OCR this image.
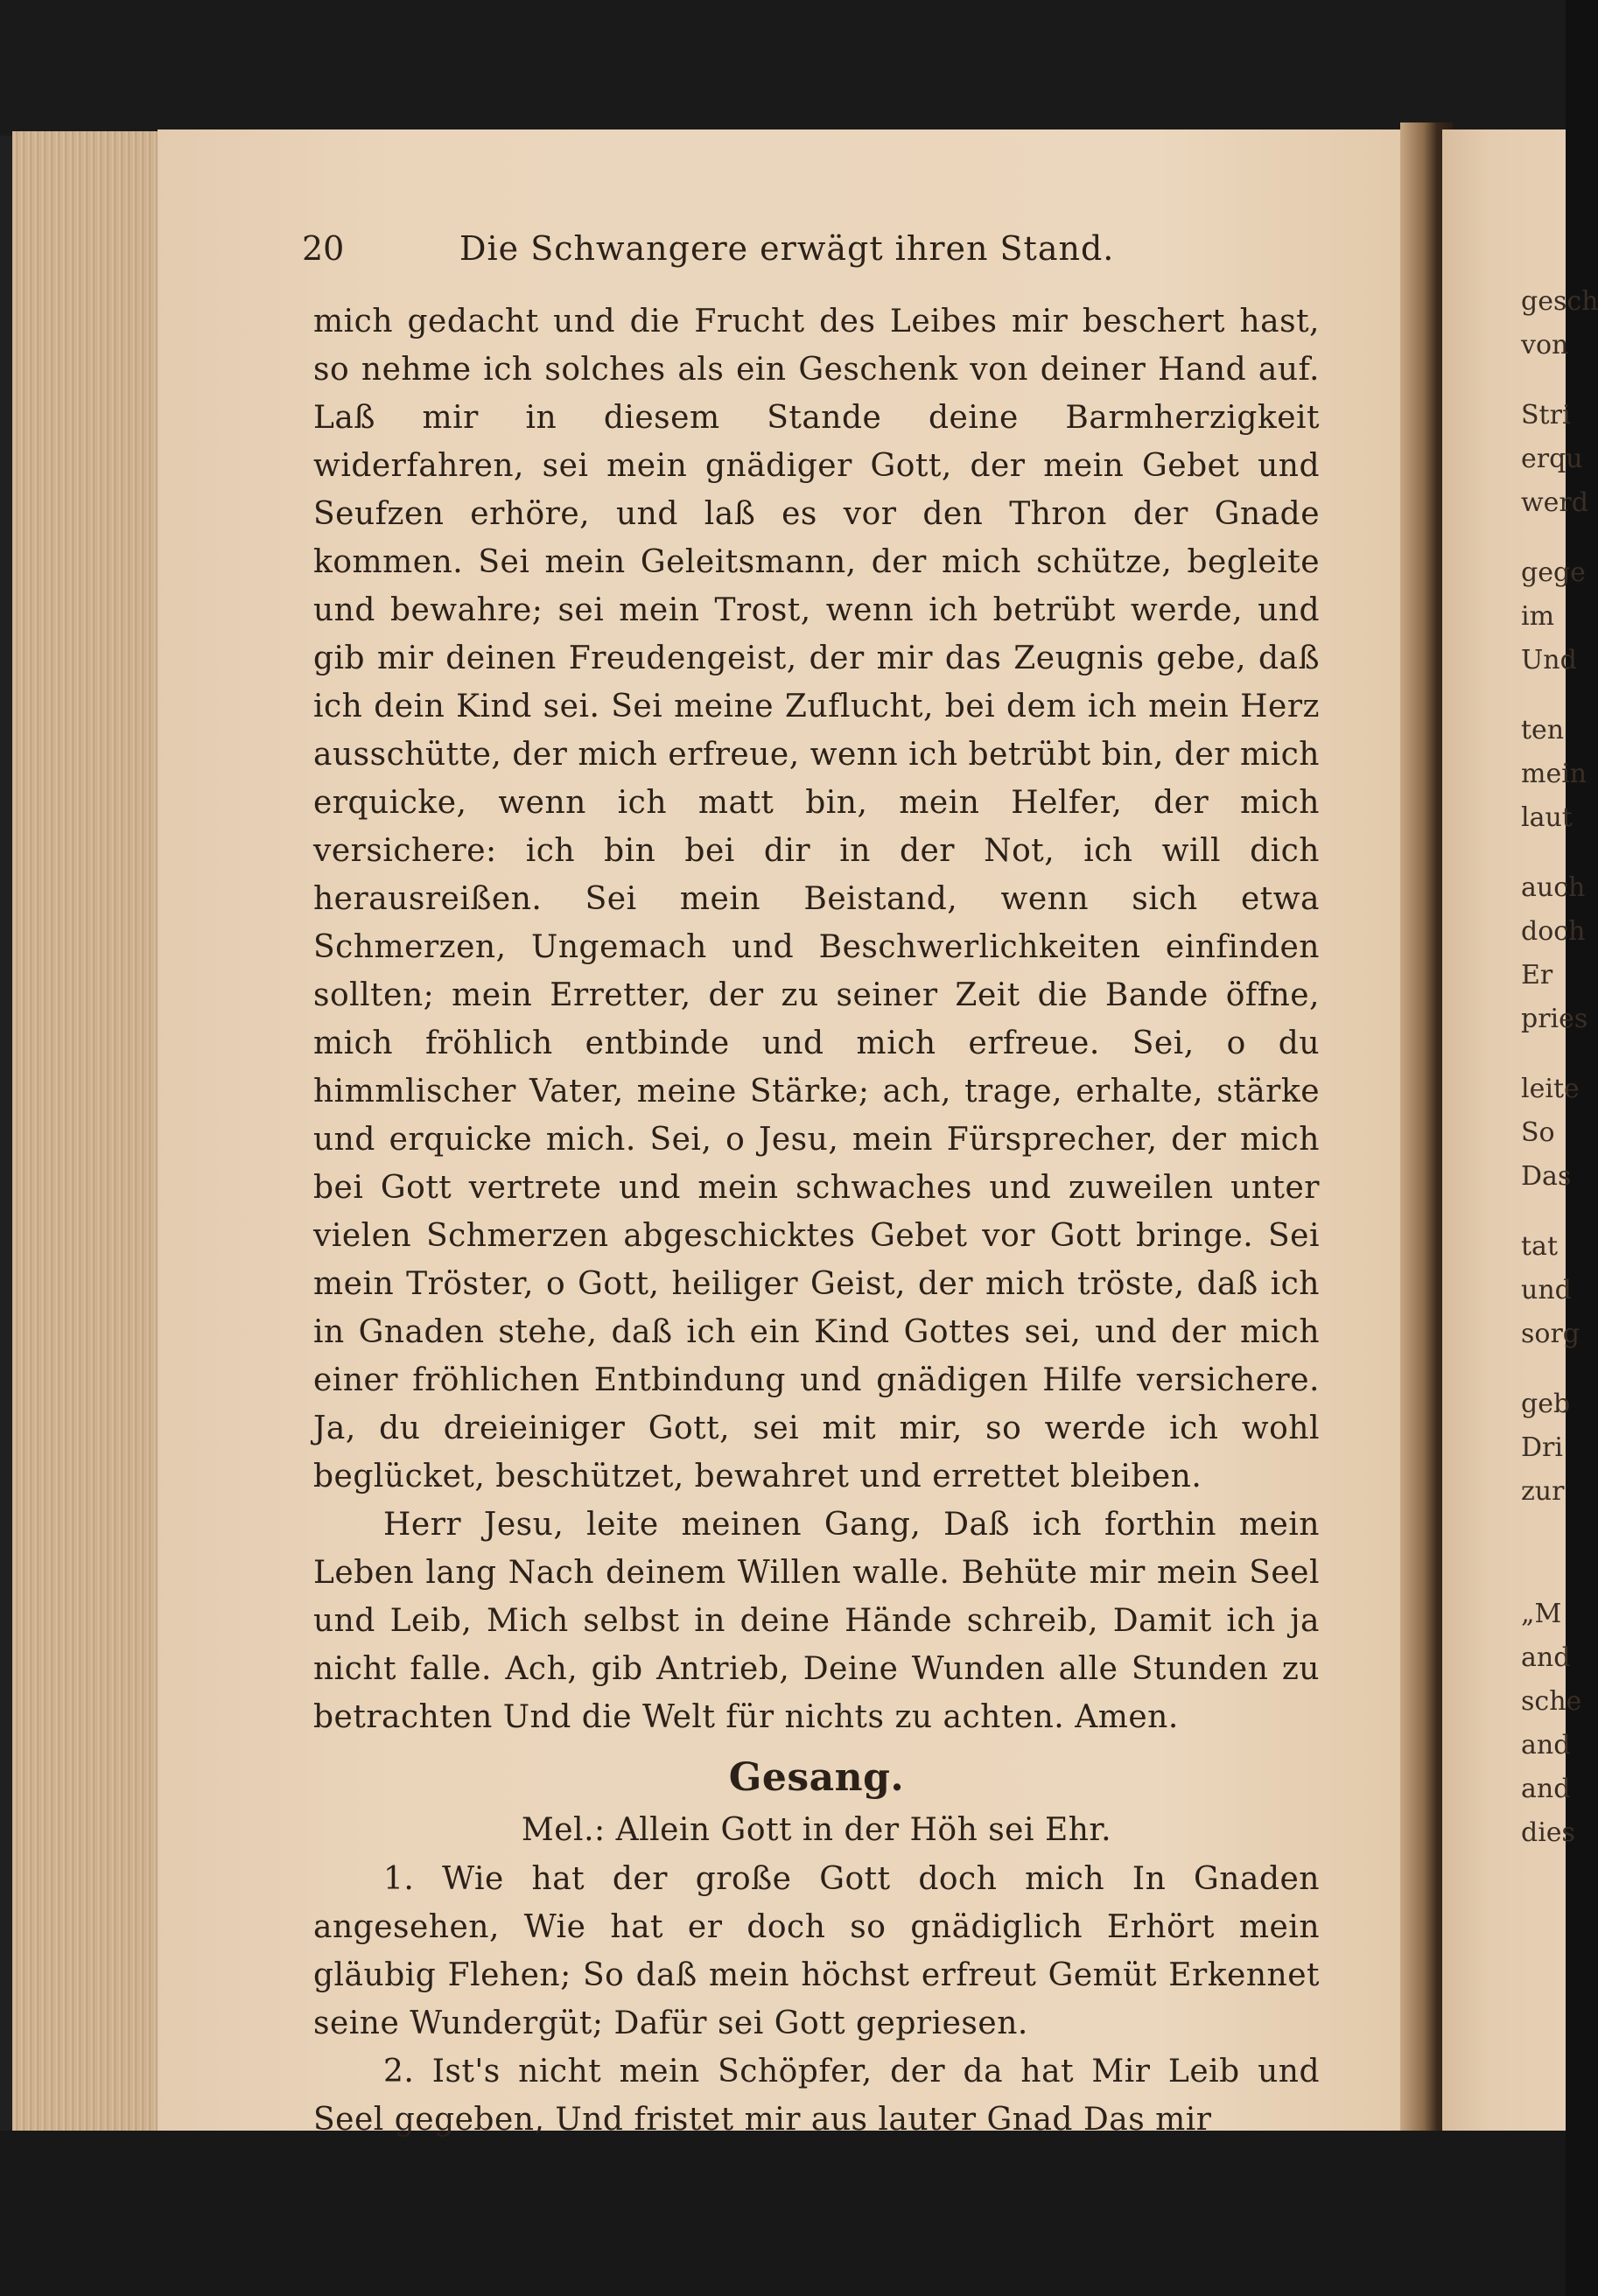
20	Die Schwangere erwägt ihren Stand.

mich gedacht und die Frucht des Leibes mir beschert hast, so nehme ich solches als ein Geschenk von deiner Hand auf. Laß mir in diesem Stande deine Barmherzigkeit widerfahren, sei mein gnädiger Gott, der mein Gebet und Seufzen erhöre, und laß es vor den Thron der Gnade kommen. Sei mein Geleitsmann, der mich schütze, begleite und bewahre; sei mein Trost, wenn ich betrübt werde, und gib mir deinen Freudengeist, der mir das Zeugnis gebe, daß ich dein Kind sei. Sei meine Zuflucht, bei dem ich mein Herz ausschütte, der mich erfreue, wenn ich betrübt bin, der mich erquicke, wenn ich matt bin, mein Helfer, der mich versichere: ich bin bei dir in der Not, ich will dich herausreißen. Sei mein Beistand, wenn sich etwa Schmerzen, Ungemach und Beschwerlichkeiten einfinden sollten; mein Erretter, der zu seiner Zeit die Bande öffne, mich fröhlich entbinde und mich erfreue. Sei, o du himmlischer Vater, meine Stärke; ach, trage, erhalte, stärke und erquicke mich. Sei, o Jesu, mein Fürsprecher, der mich bei Gott vertrete und mein schwaches und zuweilen unter vielen Schmerzen abgeschicktes Gebet vor Gott bringe. Sei mein Tröster, o Gott, heiliger Geist, der mich tröste, daß ich in Gnaden stehe, daß ich ein Kind Gottes sei, und der mich einer fröhlichen Entbindung und gnädigen Hilfe versichere. Ja, du dreieiniger Gott, sei mit mir, so werde ich wohl beglücket, beschützet, bewahret und errettet bleiben.

Herr Jesu, leite meinen Gang, Daß ich forthin mein Leben lang Nach deinem Willen walle. Behüte mir mein Seel und Leib, Mich selbst in deine Hände schreib, Damit ich ja nicht falle. Ach, gib Antrieb, Deine Wunden alle Stunden zu betrachten Und die Welt für nichts zu achten. Amen.

Gesang.

Mel.: Allein Gott in der Höh sei Ehr.

1. Wie hat der große Gott doch mich In Gnaden angesehen, Wie hat er doch so gnädiglich Erhört mein gläubig Flehen; So daß mein höchst erfreut Gemüt Erkennet seine Wundergüt; Dafür sei Gott gepriesen.

2. Ist's nicht mein Schöpfer, der da hat Mir Leib und Seel gegeben, Und fristet mir aus lauter Gnad Das mir

gesch
von
Stri
erqu
werd
gege
im
Und
ten
mein
laut
auch
doch
Er
pries
leite
So
Das
tat
und
sorg
geb
Dri
zur
„M
and
sche
and
and
dies
